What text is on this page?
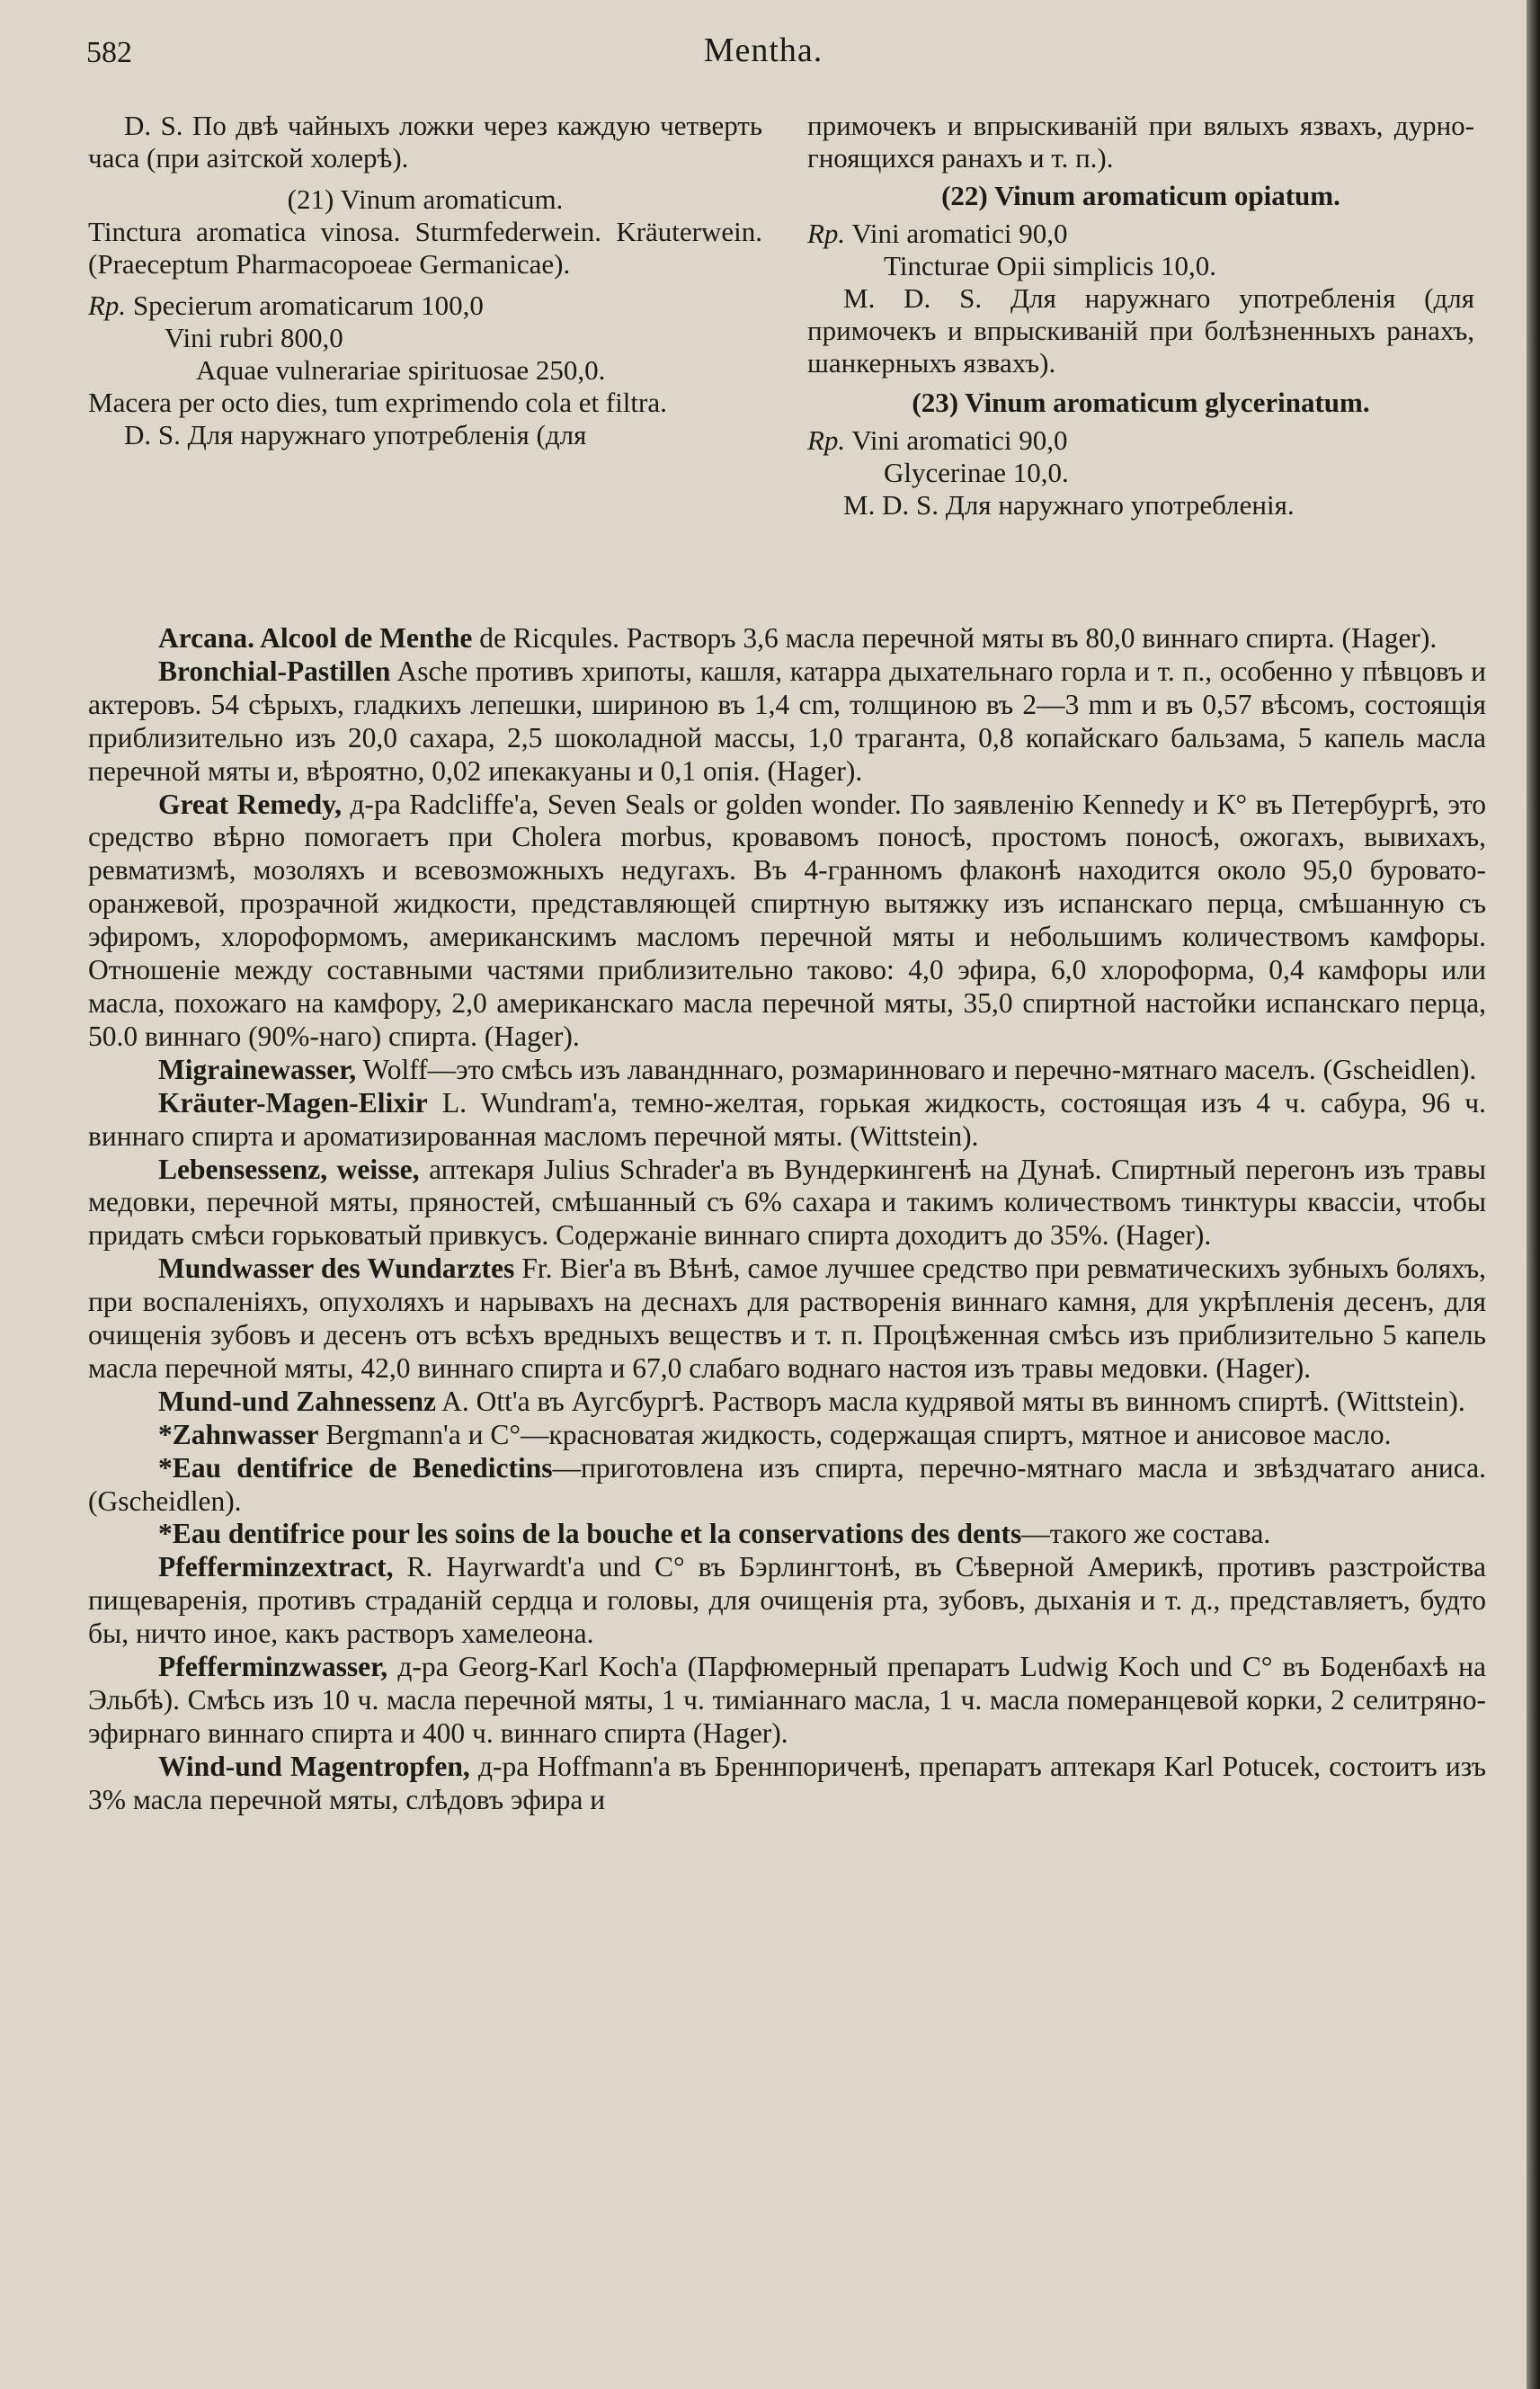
582	Mentha.

D. S. По двѣ чайныхъ ложки через каждую четверть часа (при азiтской холерѣ).

(21) Vinum aromaticum.

Tinctura aromatica vinosa. Sturmfederwein. Kräuterwein. (Praeceptum Pharmacopoeae Germanicae).

Rp. Specierum aromaticarum 100,0

Vini rubri 800,0

Aquae vulnerariae spirituosae 250,0.

Macera per octo dies, tum exprimendo cola et filtra.

D. S. Для наружнаго употребленiя (для

примочекъ и впрыскиванiй при вялыхъ язвахъ, дурно-гноящихся ранахъ и т. п.).

(22) Vinum aromaticum opiatum.

Rp. Vini aromatici 90,0

Tincturae Opii simplicis 10,0.

M. D. S. Для наружнаго употребленiя (для примочекъ и впрыскиванiй при болѣзненныхъ ранахъ, шанкерныхъ язвахъ).

(23) Vinum aromaticum glycerinatum.

Rp. Vini aromatici 90,0

Glycerinae 10,0.

M. D. S. Для наружнаго употребленiя.

Arcana. Alcool de Menthe de Ricqules. Растворъ 3,6 масла перечной мяты въ 80,0 виннаго спирта. (Hager).

Bronchial-Pastillen Asche противъ хрипоты, кашля, катарра дыхательнаго горла и т. п., особенно у пѣвцовъ и актеровъ. 54 сѣрыхъ, гладкихъ лепешки, шириною въ 1,4 cm, толщиною въ 2—3 mm и въ 0,57 вѣсомъ, состоящiя приблизительно изъ 20,0 сахара, 2,5 шоколадной массы, 1,0 траганта, 0,8 копайскаго бальзама, 5 капель масла перечной мяты и, вѣроятно, 0,02 ипекакуаны и 0,1 опiя. (Hager).

Great Remedy, д-ра Radcliffe'a, Seven Seals or golden wonder. По заявленiю Kennedy и К° въ Петербургѣ, это средство вѣрно помогаетъ при Cholera morbus, кровавомъ поносѣ, простомъ поносѣ, ожогахъ, вывихахъ, ревматизмѣ, мозоляхъ и всевозможныхъ недугахъ. Въ 4-гранномъ флаконѣ находится около 95,0 буровато-оранжевой, прозрачной жидкости, представляющей спиртную вытяжку изъ испанскаго перца, смѣшанную съ эфиромъ, хлороформомъ, американскимъ масломъ перечной мяты и небольшимъ количествомъ камфоры. Отношенiе между составными частями приблизительно таково: 4,0 эфира, 6,0 хлороформа, 0,4 камфоры или масла, похожаго на камфору, 2,0 американскаго масла перечной мяты, 35,0 спиртной настойки испанскаго перца, 50.0 виннаго (90%-наго) спирта. (Hager).

Migrainewasser, Wolff—это смѣсь изъ лавандннаго, розмаринноваго и перечно-мятнаго маселъ. (Gscheidlen).

Kräuter-Magen-Elixir L. Wundram'a, темно-желтая, горькая жидкость, состоящая изъ 4 ч. сабура, 96 ч. виннаго спирта и ароматизированная масломъ перечной мяты. (Wittstein).

Lebensessenz, weisse, аптекаря Julius Schrader'a въ Вундеркингенѣ на Дунаѣ. Спиртный перегонъ изъ травы медовки, перечной мяты, пряностей, смѣшанный съ 6% сахара и такимъ количествомъ тинктуры квассiи, чтобы придать смѣси горьковатый привкусъ. Содержанiе виннаго спирта доходитъ до 35%. (Hager).

Mundwasser des Wundarztes Fr. Bier'a въ Вѣнѣ, самое лучшее средство при ревматическихъ зубныхъ боляхъ, при воспаленiяхъ, опухоляхъ и нарывахъ на деснахъ для растворенiя виннаго камня, для укрѣпленiя десенъ, для очищенiя зубовъ и десенъ отъ всѣхъ вредныхъ веществъ и т. п. Процѣженная смѣсь изъ приблизительно 5 капель масла перечной мяты, 42,0 виннаго спирта и 67,0 слабаго воднаго настоя изъ травы медовки. (Hager).

Mund-und Zahnessenz A. Ott'a въ Аугсбургѣ. Растворъ масла кудрявой мяты въ винномъ спиртѣ. (Wittstein).

*Zahnwasser Bergmann'a и С°—красноватая жидкость, содержащая спиртъ, мятное и анисовое масло.

*Eau dentifrice de Benedictins—приготовлена изъ спирта, перечно-мятнаго масла и звѣздчатаго аниса. (Gscheidlen).

*Eau dentifrice pour les soins de la bouche et la conservations des dents—такого же состава.

Pfefferminzextract, R. Hayrwardt'a und C° въ Бэрлингтонѣ, въ Сѣверной Америкѣ, противъ разстройства пищеваренiя, противъ страданiй сердца и головы, для очищенiя рта, зубовъ, дыханiя и т. д., представляетъ, будто бы, ничто иное, какъ растворъ хамелеона.

Pfefferminzwasser, д-ра Georg-Karl Koch'a (Парфюмерный препаратъ Ludwig Koch und C° въ Боденбахѣ на Эльбѣ). Смѣсь изъ 10 ч. масла перечной мяты, 1 ч. тимiаннаго масла, 1 ч. масла померанцевой корки, 2 селитряно-эфирнаго виннаго спирта и 400 ч. виннаго спирта (Hager).

Wind-und Magentropfen, д-ра Hoffmann'a въ Бреннпориченѣ, препаратъ аптекаря Karl Potucek, состоитъ изъ 3% масла перечной мяты, слѣдовъ эфира и
